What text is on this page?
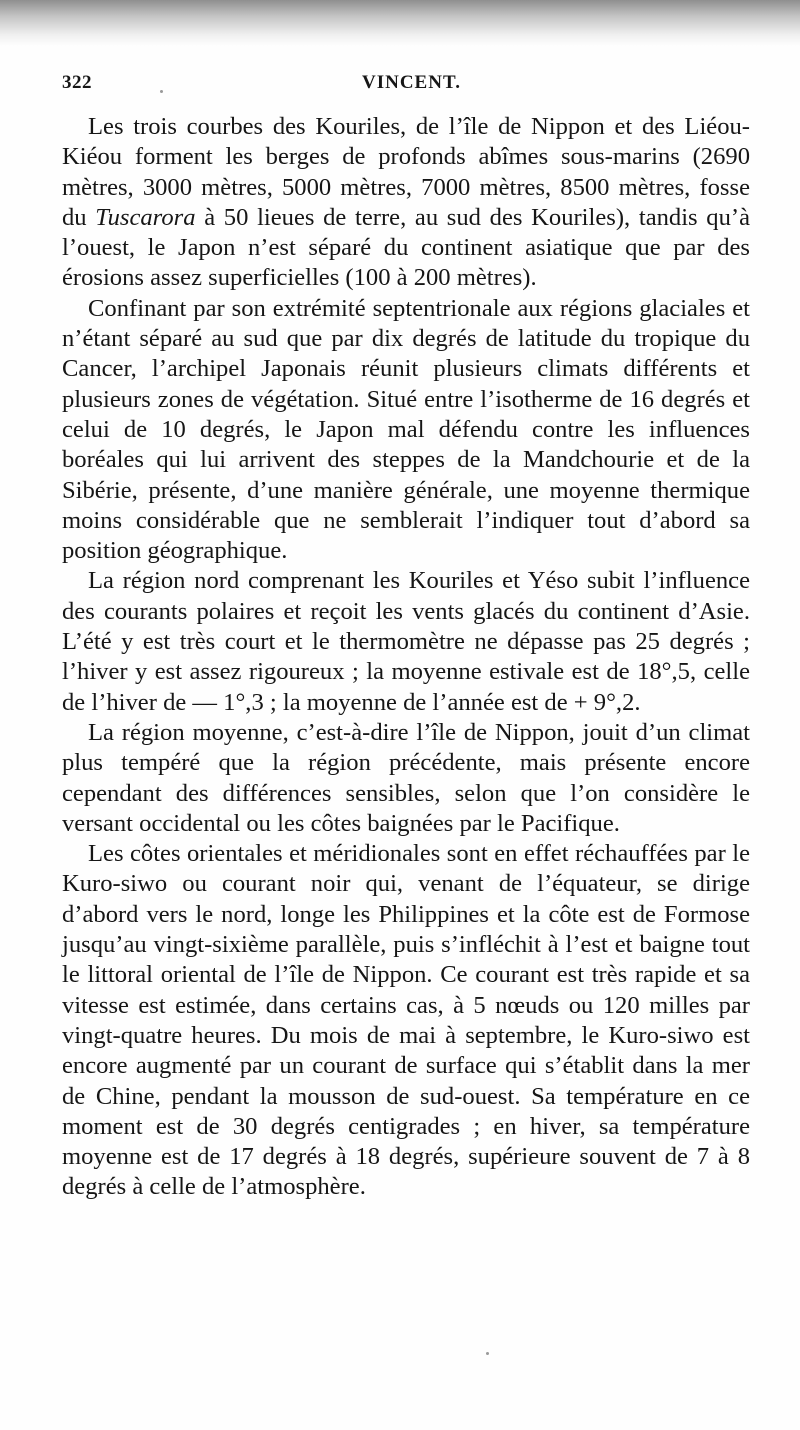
322	VINCENT.

Les trois courbes des Kouriles, de l’île de Nippon et des Liéou-Kiéou forment les berges de profonds abîmes sous-marins (2690 mètres, 3000 mètres, 5000 mètres, 7000 mètres, 8500 mètres, fosse du Tuscarora à 50 lieues de terre, au sud des Kouriles), tandis qu’à l’ouest, le Japon n’est séparé du continent asiatique que par des érosions assez superficielles (100 à 200 mètres).

Confinant par son extrémité septentrionale aux régions glaciales et n’étant séparé au sud que par dix degrés de latitude du tropique du Cancer, l’archipel Japonais réunit plusieurs climats différents et plusieurs zones de végétation. Situé entre l’isotherme de 16 degrés et celui de 10 degrés, le Japon mal défendu contre les influences boréales qui lui arrivent des steppes de la Mandchourie et de la Sibérie, présente, d’une manière générale, une moyenne thermique moins considérable que ne semblerait l’indiquer tout d’abord sa position géographique.

La région nord comprenant les Kouriles et Yéso subit l’influence des courants polaires et reçoit les vents glacés du continent d’Asie. L’été y est très court et le thermomètre ne dépasse pas 25 degrés ; l’hiver y est assez rigoureux ; la moyenne estivale est de 18°,5, celle de l’hiver de — 1°,3 ; la moyenne de l’année est de + 9°,2.

La région moyenne, c’est-à-dire l’île de Nippon, jouit d’un climat plus tempéré que la région précédente, mais présente encore cependant des différences sensibles, selon que l’on considère le versant occidental ou les côtes baignées par le Pacifique.

Les côtes orientales et méridionales sont en effet réchauffées par le Kuro-siwo ou courant noir qui, venant de l’équateur, se dirige d’abord vers le nord, longe les Philippines et la côte est de Formose jusqu’au vingt-sixième parallèle, puis s’infléchit à l’est et baigne tout le littoral oriental de l’île de Nippon. Ce courant est très rapide et sa vitesse est estimée, dans certains cas, à 5 nœuds ou 120 milles par vingt-quatre heures. Du mois de mai à septembre, le Kuro-siwo est encore augmenté par un courant de surface qui s’établit dans la mer de Chine, pendant la mousson de sud-ouest. Sa température en ce moment est de 30 degrés centigrades ; en hiver, sa température moyenne est de 17 degrés à 18 degrés, supérieure souvent de 7 à 8 degrés à celle de l’atmosphère.
